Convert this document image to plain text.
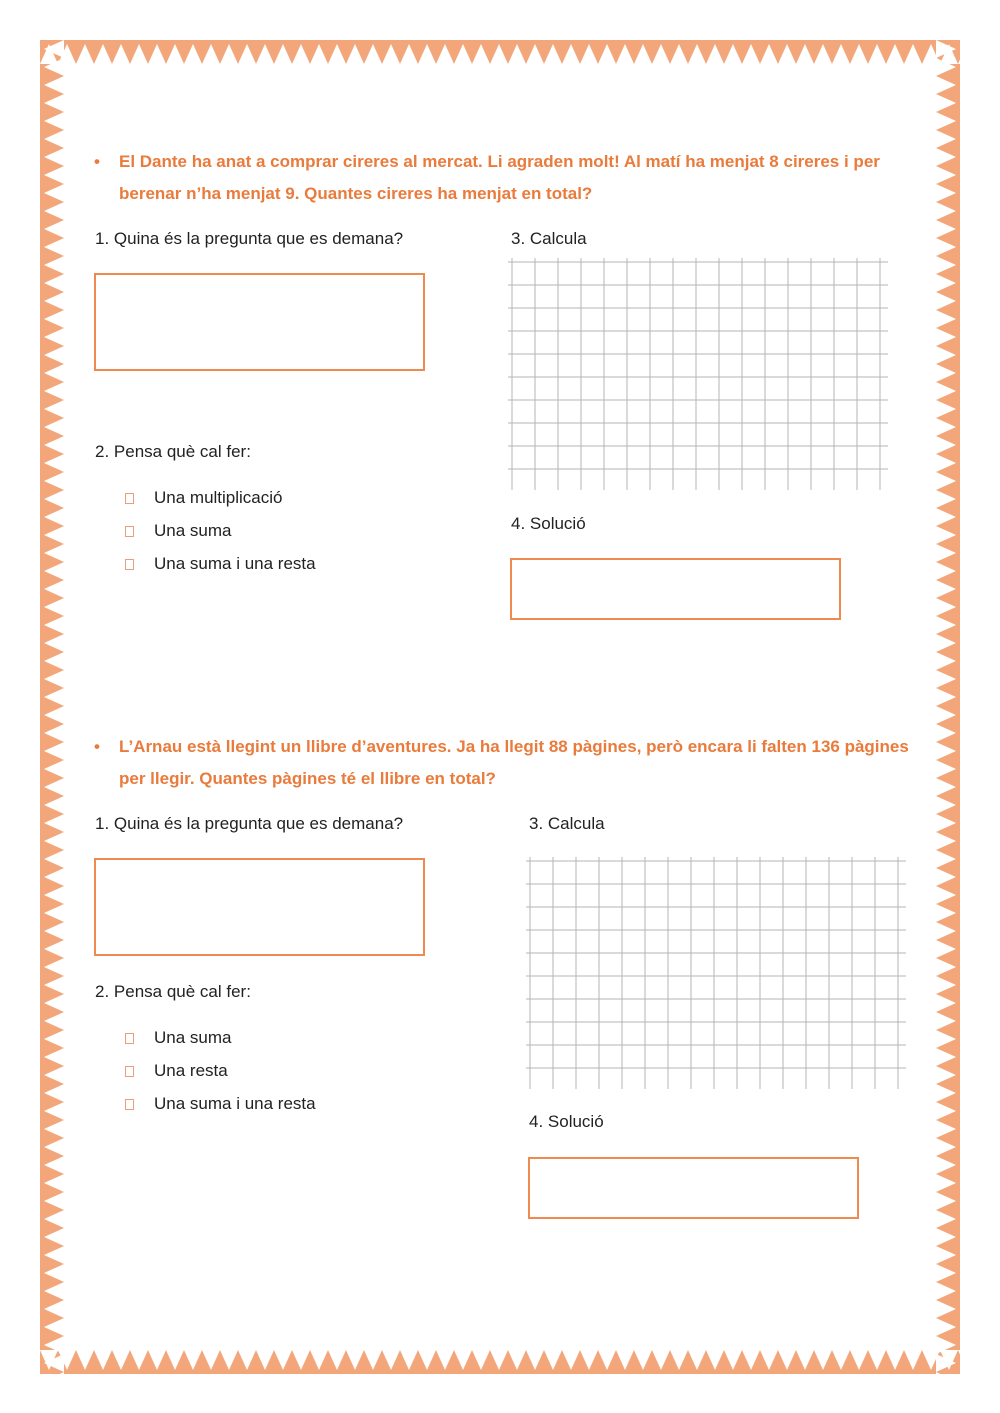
• El Dante ha anat a comprar cireres al mercat. Li agraden molt! Al matí ha menjat 8 cireres i per berenar n’ha menjat 9. Quantes cireres ha menjat en total?
1. Quina és la pregunta que es demana?
2. Pensa què cal fer:
Una multiplicació
Una suma
Una suma i una resta
3. Calcula
4. Solució
• L’Arnau està llegint un llibre d’aventures. Ja ha llegit 88 pàgines, però encara li falten 136 pàgines per llegir. Quantes pàgines té el llibre en total?
1. Quina és la pregunta que es demana?
2. Pensa què cal fer:
Una suma
Una resta
Una suma i una resta
3. Calcula
4. Solució
